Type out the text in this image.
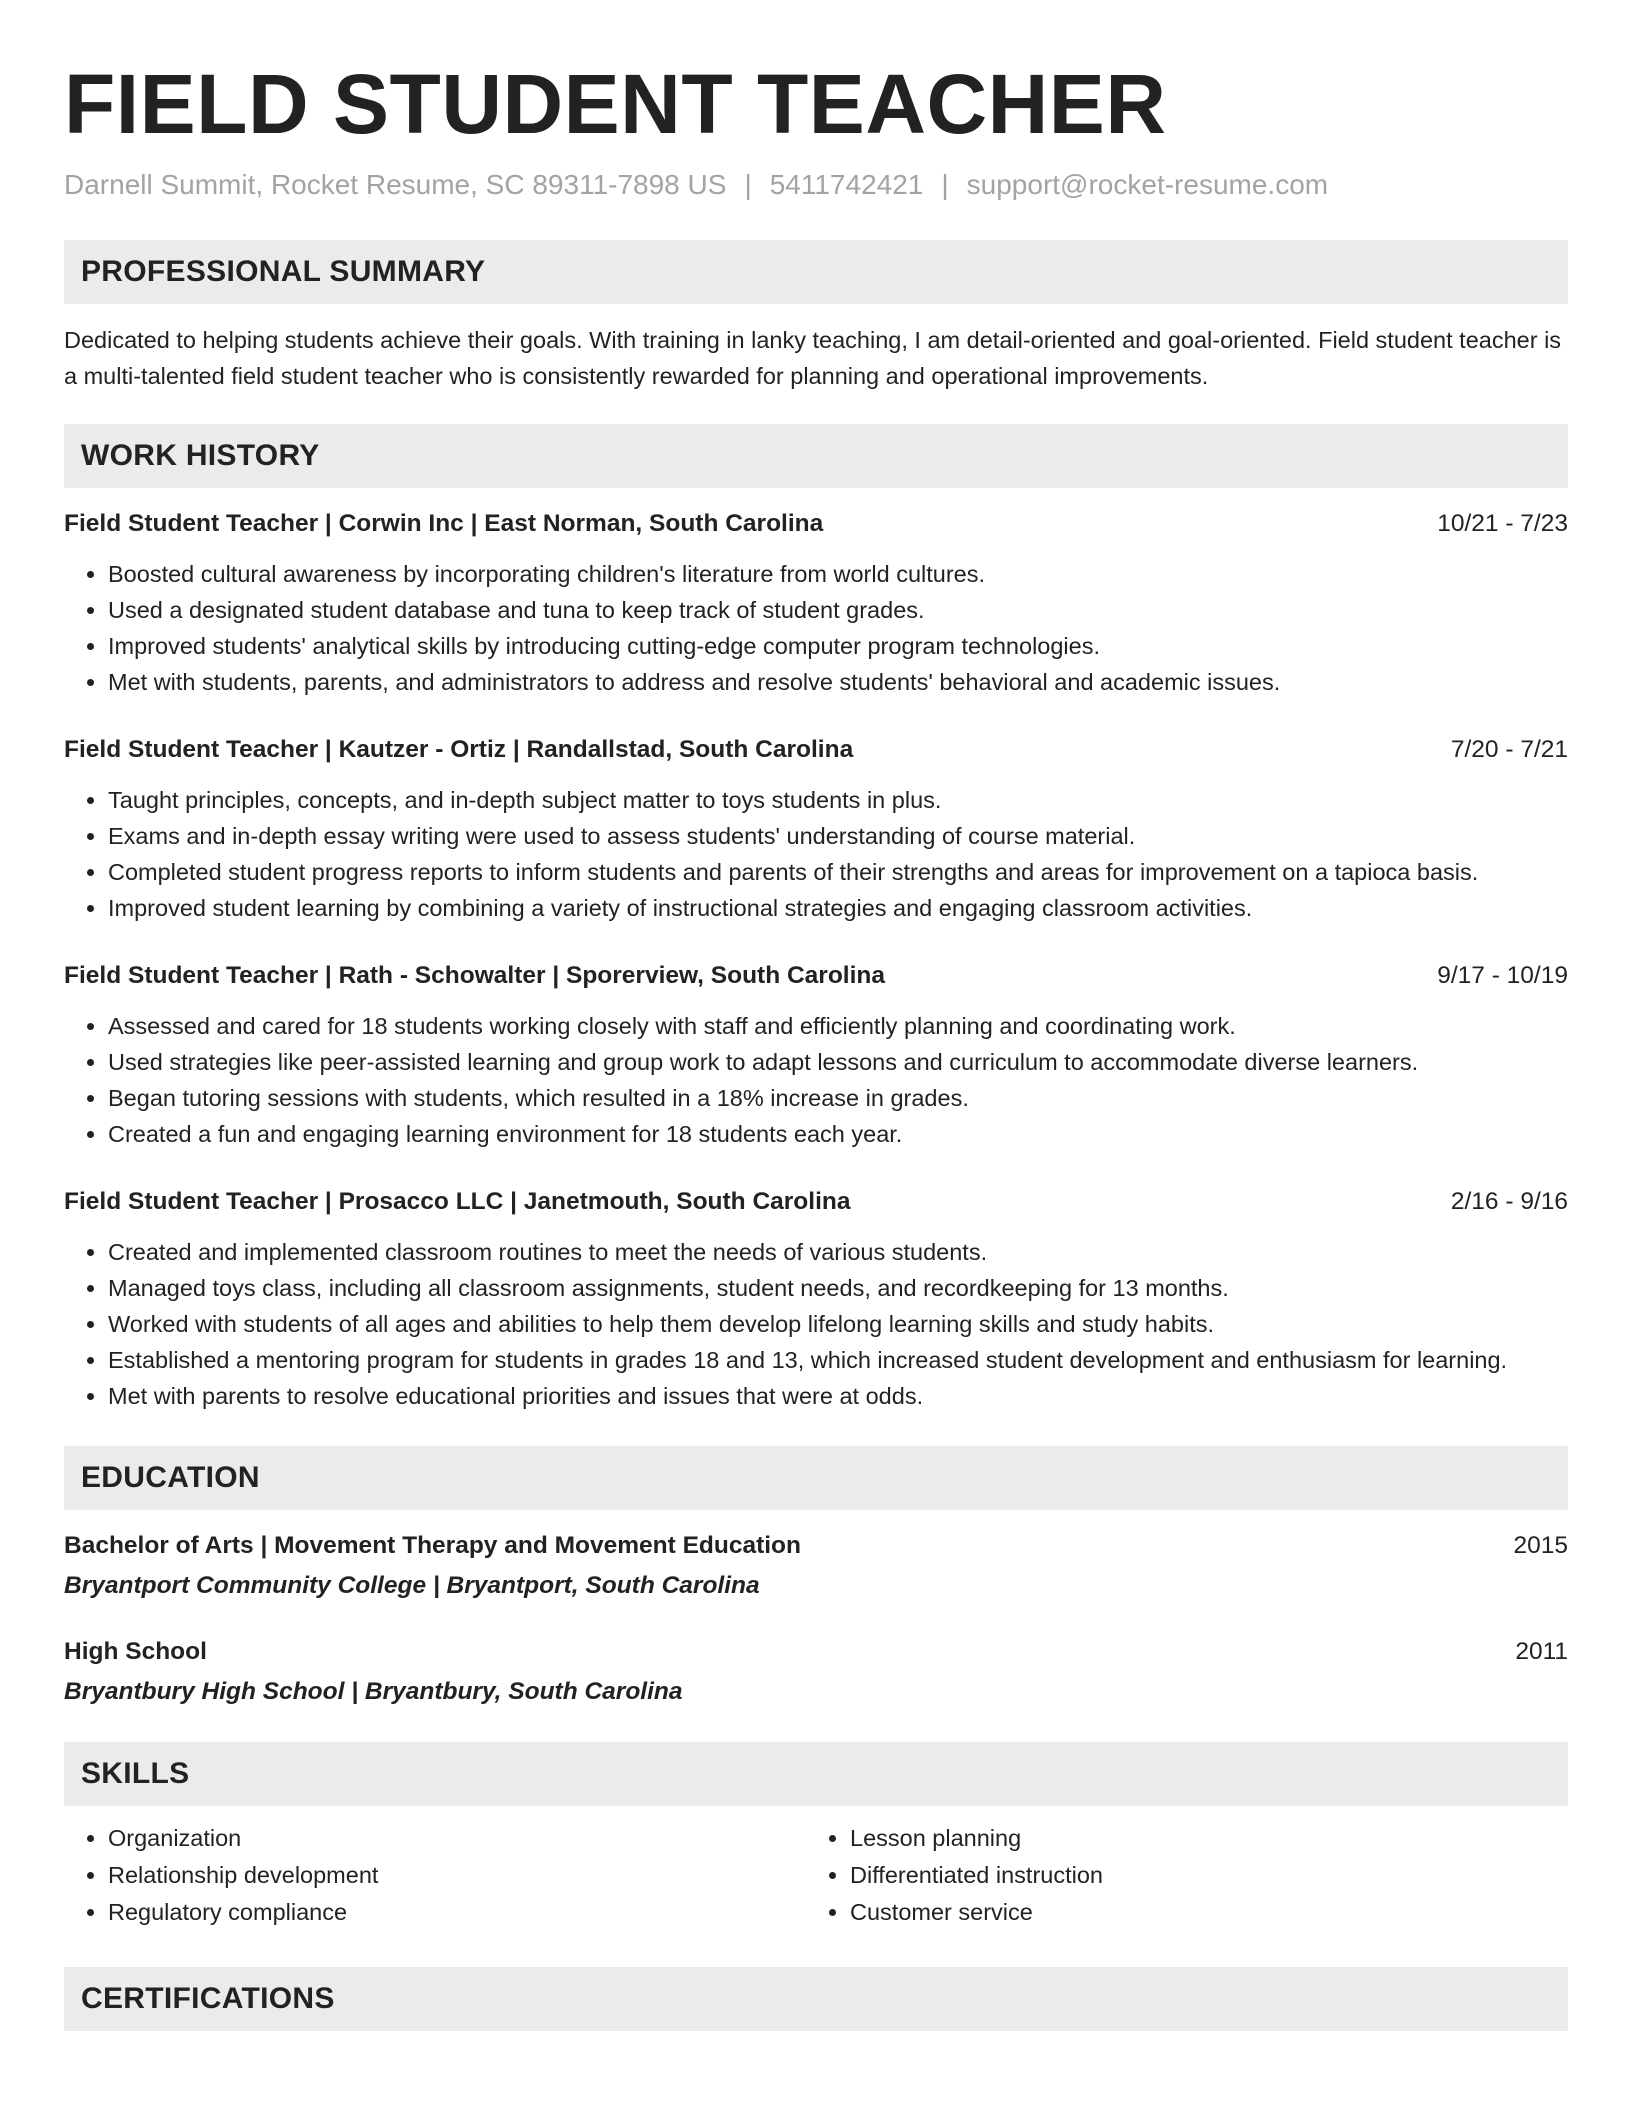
FIELD STUDENT TEACHER
Darnell Summit, Rocket Resume, SC 89311-7898 US | 5411742421 | support@rocket-resume.com
PROFESSIONAL SUMMARY
Dedicated to helping students achieve their goals. With training in lanky teaching, I am detail-oriented and goal-oriented. Field student teacher is a multi-talented field student teacher who is consistently rewarded for planning and operational improvements.
WORK HISTORY
Field Student Teacher | Corwin Inc | East Norman, South Carolina	10/21 - 7/23
• Boosted cultural awareness by incorporating children's literature from world cultures.
• Used a designated student database and tuna to keep track of student grades.
• Improved students' analytical skills by introducing cutting-edge computer program technologies.
• Met with students, parents, and administrators to address and resolve students' behavioral and academic issues.
Field Student Teacher | Kautzer - Ortiz | Randallstad, South Carolina	7/20 - 7/21
• Taught principles, concepts, and in-depth subject matter to toys students in plus.
• Exams and in-depth essay writing were used to assess students' understanding of course material.
• Completed student progress reports to inform students and parents of their strengths and areas for improvement on a tapioca basis.
• Improved student learning by combining a variety of instructional strategies and engaging classroom activities.
Field Student Teacher | Rath - Schowalter | Sporerview, South Carolina	9/17 - 10/19
• Assessed and cared for 18 students working closely with staff and efficiently planning and coordinating work.
• Used strategies like peer-assisted learning and group work to adapt lessons and curriculum to accommodate diverse learners.
• Began tutoring sessions with students, which resulted in a 18% increase in grades.
• Created a fun and engaging learning environment for 18 students each year.
Field Student Teacher | Prosacco LLC | Janetmouth, South Carolina	2/16 - 9/16
• Created and implemented classroom routines to meet the needs of various students.
• Managed toys class, including all classroom assignments, student needs, and recordkeeping for 13 months.
• Worked with students of all ages and abilities to help them develop lifelong learning skills and study habits.
• Established a mentoring program for students in grades 18 and 13, which increased student development and enthusiasm for learning.
• Met with parents to resolve educational priorities and issues that were at odds.
EDUCATION
Bachelor of Arts | Movement Therapy and Movement Education	2015
Bryantport Community College | Bryantport, South Carolina
High School	2011
Bryantbury High School | Bryantbury, South Carolina
SKILLS
• Organization
• Relationship development
• Regulatory compliance
• Lesson planning
• Differentiated instruction
• Customer service
CERTIFICATIONS
